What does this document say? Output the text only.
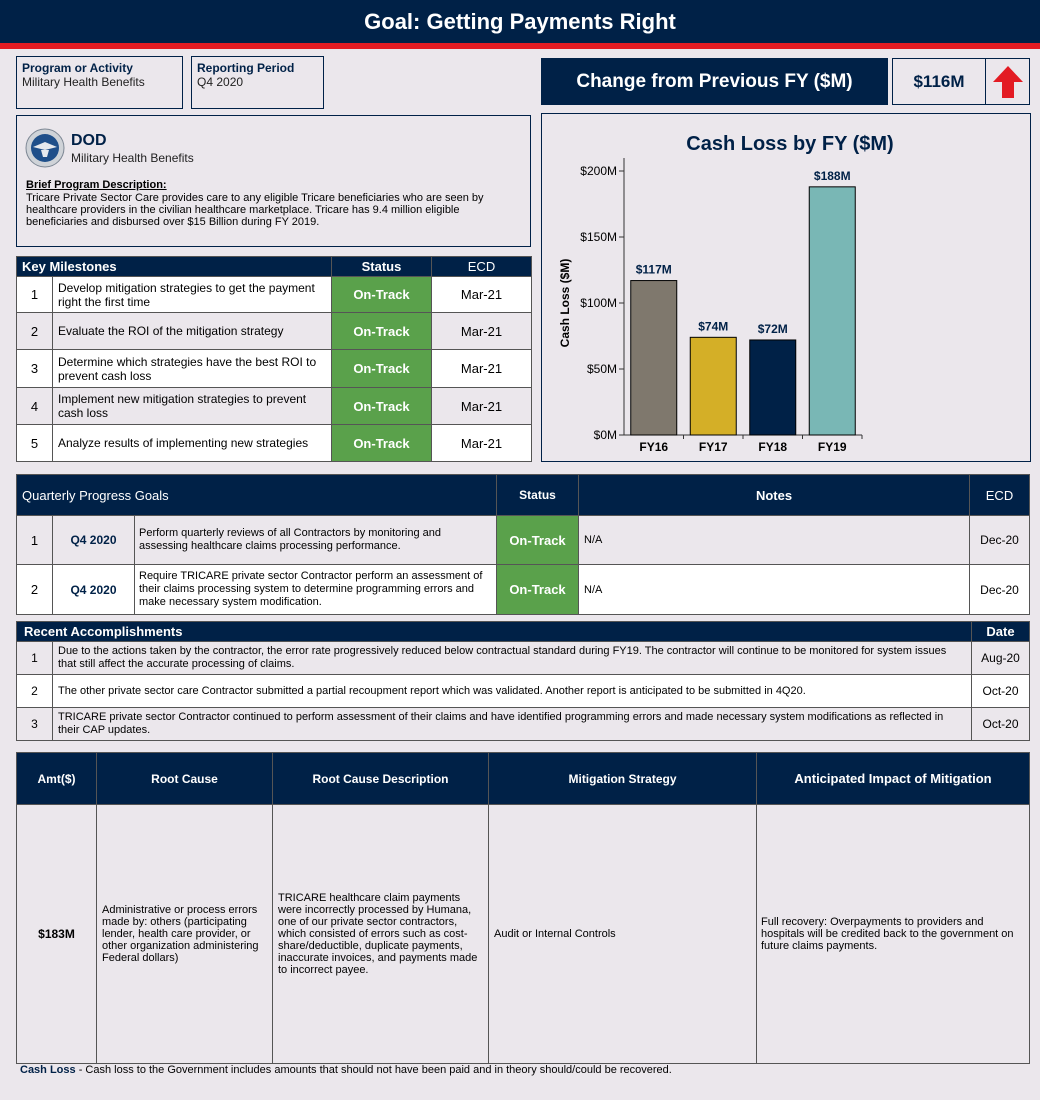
Goal: Getting Payments Right
Program or Activity
Military Health Benefits
Reporting Period
Q4 2020	Change from Previous FY ($M)	$116M
DOD
Military Health Benefits
Brief Program Description:
Tricare Private Sector Care provides care to any eligible Tricare beneficiaries who are seen by healthcare providers in the civilian healthcare marketplace. Tricare has 9.4 million eligible beneficiaries and disbursed over $15 Billion during FY 2019.
Key Milestones		Status	ECD
1	Develop mitigation strategies to get the payment right the first time	On-Track	Mar-21
2	Evaluate the ROI of the mitigation strategy	On-Track	Mar-21
3	Determine which strategies have the best ROI to prevent cash loss	On-Track	Mar-21
4	Implement new mitigation strategies to prevent cash loss	On-Track	Mar-21
5	Analyze results of implementing new strategies	On-Track	Mar-21
Cash Loss by FY ($M)
Cash Loss ($M)
$0M
$50M
$100M
$150M
$200M
$117M
FY16
$74M
FY17
$72M
FY18
$188M
FY19
Quarterly Progress Goals			Status	Notes	ECD
1	Q4 2020	Perform quarterly reviews of all Contractors by monitoring and assessing healthcare claims processing performance.	On-Track	N/A	Dec-20
2	Q4 2020	Require TRICARE private sector Contractor perform an assessment of their claims processing system to determine programming errors and make necessary system modification.	On-Track	N/A	Dec-20
Recent Accomplishments		Date
1	Due to the actions taken by the contractor, the error rate progressively reduced below contractual standard during FY19. The contractor will continue to be monitored for system issues that still affect the accurate processing of claims.	Aug-20
2	The other private sector care Contractor submitted a partial recoupment report which was validated. Another report is anticipated to be submitted in 4Q20.	Oct-20
3	TRICARE private sector Contractor continued to perform assessment of their claims and have identified programming errors and made necessary system modifications as reflected in their CAP updates.	Oct-20
Amt($)	Root Cause	Root Cause Description	Mitigation Strategy	Anticipated Impact of Mitigation
$183M	Administrative or process errors made by: others (participating lender, health care provider, or other organization administering Federal dollars)	TRICARE healthcare claim payments were incorrectly processed by Humana, one of our private sector contractors, which consisted of errors such as cost-share/deductible, duplicate payments, inaccurate invoices, and payments made to incorrect payee.	Audit or Internal Controls	Full recovery: Overpayments to providers and hospitals will be credited back to the government on future claims payments.
Cash Loss - Cash loss to the Government includes amounts that should not have been paid and in theory should/could be recovered.
